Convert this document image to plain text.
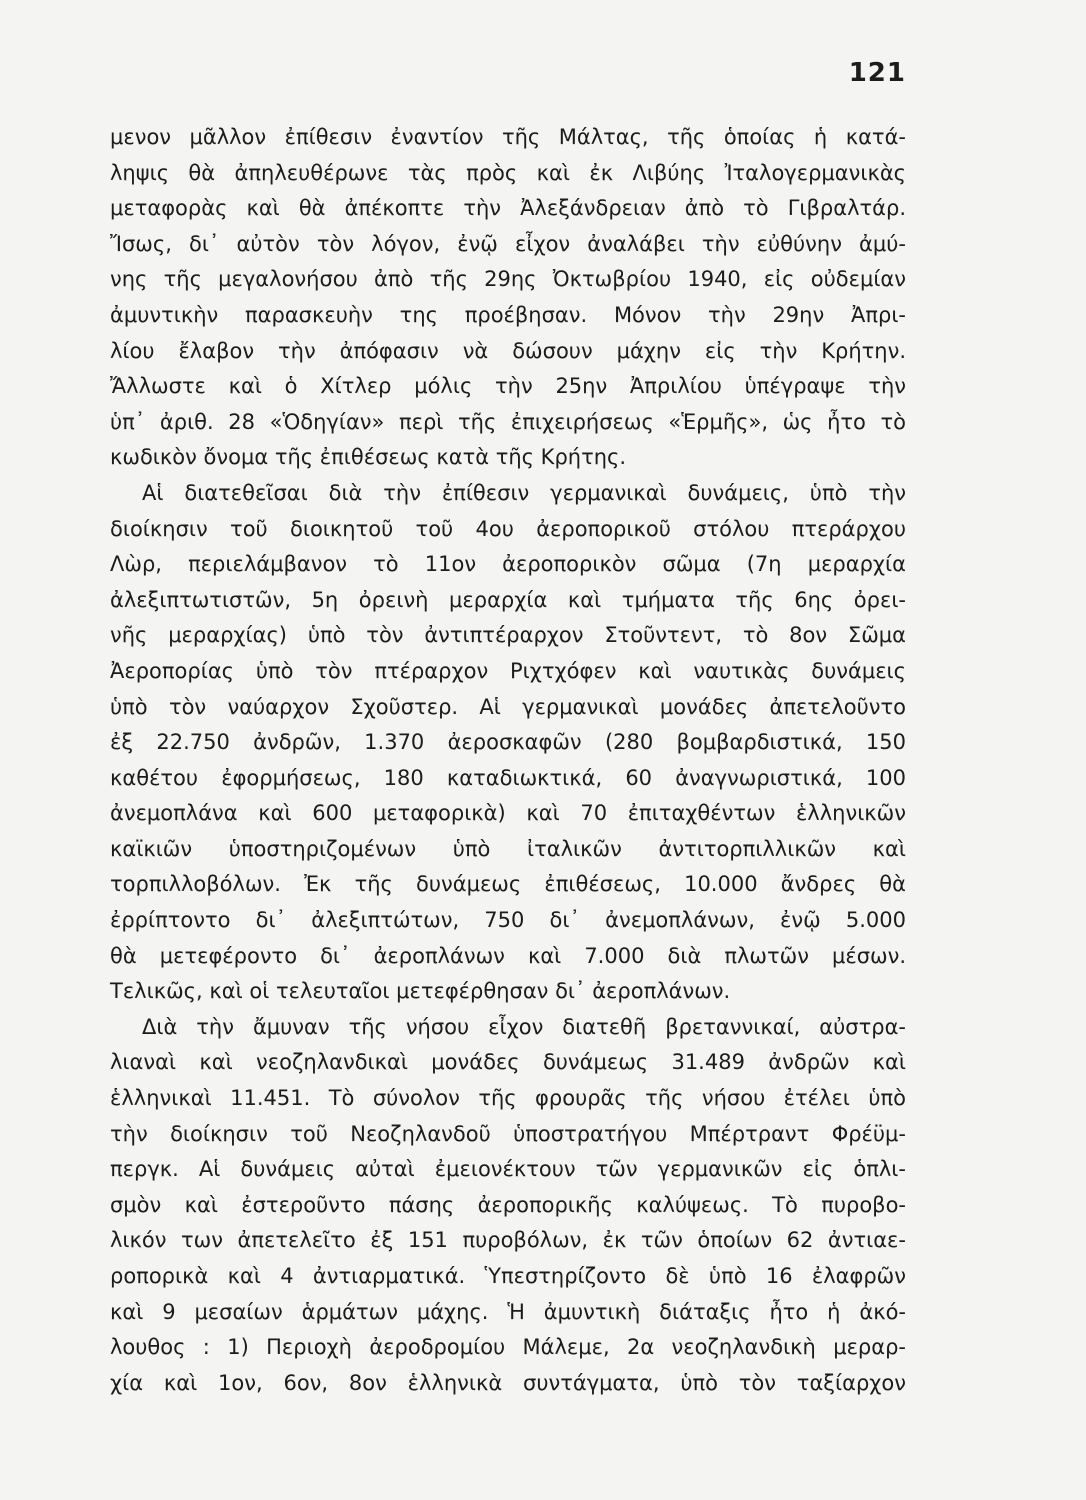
121
μενον μᾶλλον ἐπίθεσιν ἐναντίον τῆς Μάλτας, τῆς ὁποίας ἡ κατά-
ληψις θὰ ἀπηλευθέρωνε τὰς πρὸς καὶ ἐκ Λιβύης Ἰταλογερμανικὰς
μεταφορὰς καὶ θὰ ἀπέκοπτε τὴν Ἀλεξάνδρειαν ἀπὸ τὸ Γιβραλτάρ.
Ἴσως, δι᾽ αὐτὸν τὸν λόγον, ἐνῷ εἶχον ἀναλάβει τὴν εὐθύνην ἀμύ-
νης τῆς μεγαλονήσου ἀπὸ τῆς 29ης Ὀκτωβρίου 1940, εἰς οὐδεμίαν
ἀμυντικὴν παρασκευὴν της προέβησαν. Μόνον τὴν 29ην Ἀπρι-
λίου ἔλαβον τὴν ἀπόφασιν νὰ δώσουν μάχην εἰς τὴν Κρήτην.
Ἄλλωστε καὶ ὁ Χίτλερ μόλις τὴν 25ην Ἀπριλίου ὑπέγραψε τὴν
ὑπ᾽ ἀριθ. 28 «Ὁδηγίαν» περὶ τῆς ἐπιχειρήσεως «Ἑρμῆς», ὡς ἦτο τὸ
κωδικὸν ὄνομα τῆς ἐπιθέσεως κατὰ τῆς Κρήτης.
Αἱ διατεθεῖσαι διὰ τὴν ἐπίθεσιν γερμανικαὶ δυνάμεις, ὑπὸ τὴν
διοίκησιν τοῦ διοικητοῦ τοῦ 4ου ἀεροπορικοῦ στόλου πτεράρχου
Λὼρ, περιελάμβανον τὸ 11ον ἀεροπορικὸν σῶμα (7η μεραρχία
ἀλεξιπτωτιστῶν, 5η ὀρεινὴ μεραρχία καὶ τμήματα τῆς 6ης ὀρει-
νῆς μεραρχίας) ὑπὸ τὸν ἀντιπτέραρχον Στοῦντεντ, τὸ 8ον Σῶμα
Ἀεροπορίας ὑπὸ τὸν πτέραρχον Ριχτχόφεν καὶ ναυτικὰς δυνάμεις
ὑπὸ τὸν ναύαρχον Σχοῦστερ. Αἱ γερμανικαὶ μονάδες ἀπετελοῦντο
ἐξ 22.750 ἀνδρῶν, 1.370 ἀεροσκαφῶν (280 βομβαρδιστικά, 150
καθέτου ἐφορμήσεως, 180 καταδιωκτικά, 60 ἀναγνωριστικά, 100
ἀνεμοπλάνα καὶ 600 μεταφορικὰ) καὶ 70 ἐπιταχθέντων ἑλληνικῶν
καϊκιῶν ὑποστηριζομένων ὑπὸ ἰταλικῶν ἀντιτορπιλλικῶν καὶ
τορπιλλοβόλων. Ἐκ τῆς δυνάμεως ἐπιθέσεως, 10.000 ἄνδρες θὰ
ἐρρίπτοντο δι᾽ ἀλεξιπτώτων, 750 δι᾽ ἀνεμοπλάνων, ἐνῷ 5.000
θὰ μετεφέροντο δι᾽ ἀεροπλάνων καὶ 7.000 διὰ πλωτῶν μέσων.
Τελικῶς, καὶ οἱ τελευταῖοι μετεφέρθησαν δι᾽ ἀεροπλάνων.
Διὰ τὴν ἄμυναν τῆς νήσου εἶχον διατεθῆ βρεταννικαί, αὐστρα-
λιαναὶ καὶ νεοζηλανδικαὶ μονάδες δυνάμεως 31.489 ἀνδρῶν καὶ
ἑλληνικαὶ 11.451. Τὸ σύνολον τῆς φρουρᾶς τῆς νήσου ἐτέλει ὑπὸ
τὴν διοίκησιν τοῦ Νεοζηλανδοῦ ὑποστρατήγου Μπέρτραντ Φρέϋμ-
περγκ. Αἱ δυνάμεις αὐταὶ ἐμειονέκτουν τῶν γερμανικῶν εἰς ὁπλι-
σμὸν καὶ ἐστεροῦντο πάσης ἀεροπορικῆς καλύψεως. Τὸ πυροβο-
λικόν των ἀπετελεῖτο ἐξ 151 πυροβόλων, ἐκ τῶν ὁποίων 62 ἀντιαε-
ροπορικὰ καὶ 4 ἀντιαρματικά. Ὑπεστηρίζοντο δὲ ὑπὸ 16 ἐλαφρῶν
καὶ 9 μεσαίων ἁρμάτων μάχης. Ἡ ἀμυντικὴ διάταξις ἦτο ἡ ἀκό-
λουθος : 1) Περιοχὴ ἀεροδρομίου Μάλεμε, 2α νεοζηλανδικὴ μεραρ-
χία καὶ 1ον, 6ον, 8ον ἑλληνικὰ συντάγματα, ὑπὸ τὸν ταξίαρχον
